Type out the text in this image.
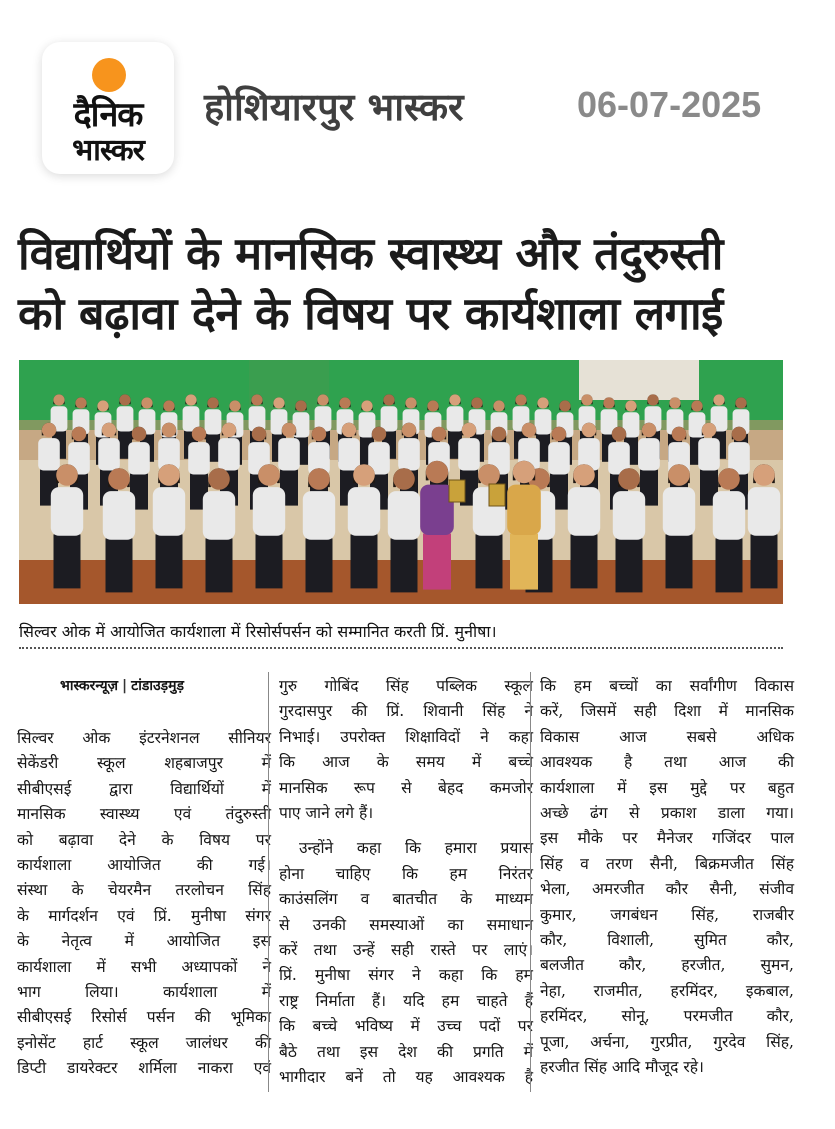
दैनिक
भास्कर
होशियारपुर भास्कर	06-07-2025
विद्यार्थियों के मानसिक स्वास्थ्य और तंदुरुस्ती
को बढ़ावा देने के विषय पर कार्यशाला लगाई
सिल्वर ओक में आयोजित कार्यशाला में रिसोर्सपर्सन को सम्मानित करती प्रिं. मुनीषा।
भास्करन्यूज़ | टांडाउड़मुड़
सिल्वर ओक इंटरनेशनल सीनियर
सेकेंडरी स्कूल शहबाजपुर में
सीबीएसई द्वारा विद्यार्थियों में
मानसिक स्वास्थ्य एवं तंदुरुस्ती
को बढ़ावा देने के विषय पर
कार्यशाला आयोजित की गई।
संस्था के चेयरमैन तरलोचन सिंह
के मार्गदर्शन एवं प्रिं. मुनीषा संगर
के नेतृत्व में आयोजित इस
कार्यशाला में सभी अध्यापकों ने
भाग लिया। कार्यशाला में
सीबीएसई रिसोर्स पर्सन की भूमिका
इनोसेंट हार्ट स्कूल जालंधर की
डिप्टी डायरेक्टर शर्मिला नाकरा एवं
गुरु गोबिंद सिंह पब्लिक स्कूल
गुरदासपुर की प्रिं. शिवानी सिंह ने
निभाई। उपरोक्त शिक्षाविदों ने कहा
कि आज के समय में बच्चे
मानसिक रूप से बेहद कमजोर
पाए जाने लगे हैं।
उन्होंने कहा कि हमारा प्रयास
होना चाहिए कि हम निरंतर
काउंसलिंग व बातचीत के माध्यम
से उनकी समस्याओं का समाधान
करें तथा उन्हें सही रास्ते पर लाएं।
प्रिं. मुनीषा संगर ने कहा कि हम
राष्ट्र निर्माता हैं। यदि हम चाहते हैं
कि बच्चे भविष्य में उच्च पदों पर
बैठे तथा इस देश की प्रगति में
भागीदार बनें तो यह आवश्यक है
कि हम बच्चों का सर्वांगीण विकास
करें, जिसमें सही दिशा में मानसिक
विकास आज सबसे अधिक
आवश्यक है तथा आज की
कार्यशाला में इस मुद्दे पर बहुत
अच्छे ढंग से प्रकाश डाला गया।
इस मौके पर मैनेजर गजिंदर पाल
सिंह व तरण सैनी, बिक्रमजीत सिंह
भेला, अमरजीत कौर सैनी, संजीव
कुमार, जगबंधन सिंह, राजबीर
कौर, विशाली, सुमित कौर,
बलजीत कौर, हरजीत, सुमन,
नेहा, राजमीत, हरमिंदर, इकबाल,
हरमिंदर, सोनू, परमजीत कौर,
पूजा, अर्चना, गुरप्रीत, गुरदेव सिंह,
हरजीत सिंह आदि मौजूद रहे।
